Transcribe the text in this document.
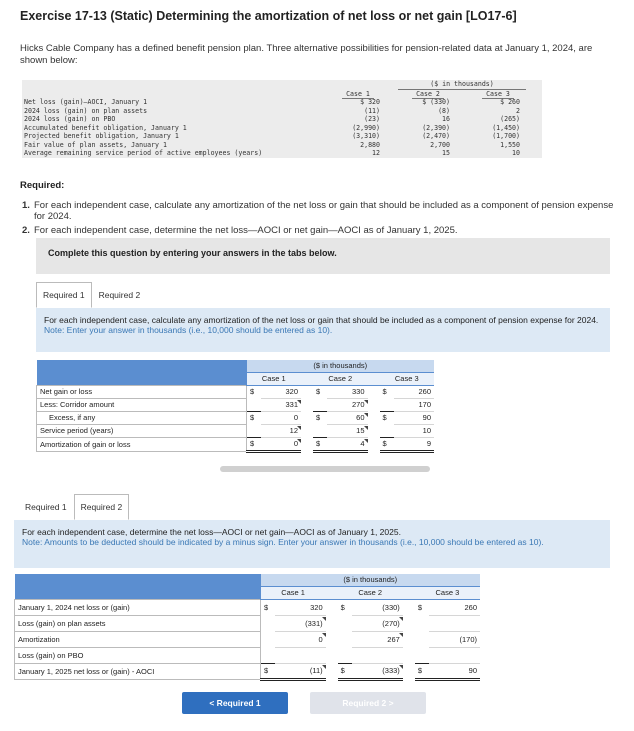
Exercise 17-13 (Static) Determining the amortization of net loss or net gain [LO17-6]
Hicks Cable Company has a defined benefit pension plan. Three alternative possibilities for pension-related data at January 1, 2024, are shown below:

		($ in thousands)		

	Case 1	Case 2	Case 3	
Net loss (gain)–AOCI, January 1	$ 320	$ (330)	$ 260	
2024 loss (gain) on plan assets	(11)	(8)	2	
2024 loss (gain) on PBO	(23)	16	(265)	
Accumulated benefit obligation, January 1	(2,990)	(2,390)	(1,450)	
Projected benefit obligation, January 1	(3,310)	(2,470)	(1,700)	
Fair value of plan assets, January 1	2,880	2,700	1,550	
Average remaining service period of active employees (years)	12	15	10	
Required:
1. For each independent case, calculate any amortization of the net loss or gain that should be included as a component of pension expense for 2024.
2. For each independent case, determine the net loss—AOCI or net gain—AOCI as of January 1, 2025.
Complete this question by entering your answers in the tabs below.
Required 1	Required 2
For each independent case, calculate any amortization of the net loss or gain that should be included as a component of pension expense for 2024.
Note: Enter your answer in thousands (i.e., 10,000 should be entered as 10).
	($ in thousands)							
	Case 1			Case 2			Case 3	
Net gain or loss	$	320		$	330		$	260
Less: Corridor amount		331			270			170
Excess, if any	$	0		$	60		$	90
Service period (years)		12			15			10
Amortization of gain or loss	$	0		$	4		$	9
Required 1	Required 2
For each independent case, determine the net loss—AOCI or net gain—AOCI as of January 1, 2025.
Note: Amounts to be deducted should be indicated by a minus sign. Enter your answer in thousands (i.e., 10,000 should be entered as 10).
	($ in thousands)							
	Case 1			Case 2			Case 3	
January 1, 2024 net loss or (gain)	$	320		$	(330)		$	260
Loss (gain) on plan assets		(331)			(270)			
Amortization		0			267			(170)
Loss (gain) on PBO								
January 1, 2025 net loss or (gain) - AOCI	$	(11)		$	(333)		$	90
< Required 1	Required 2 >
